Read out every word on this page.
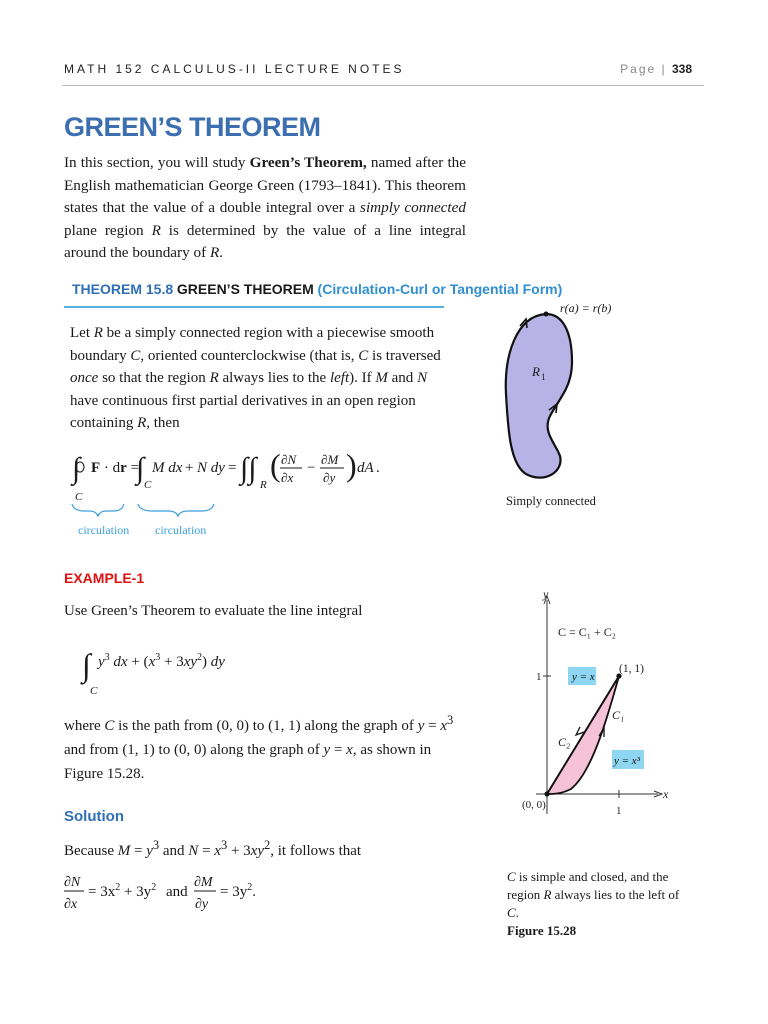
MATH 152 CALCULUS-II LECTURE NOTES	Page | 338
GREEN’S THEOREM
In this section, you will study Green’s Theorem, named after the English mathematician George Green (1793–1841). This theorem states that the value of a double integral over a simply connected plane region R is determined by the value of a line integral around the boundary of R.
THEOREM 15.8 GREEN’S THEOREM (Circulation-Curl or Tangential Form)
Let R be a simply connected region with a piecewise smooth boundary C, oriented counterclockwise (that is, C is traversed once so that the region R always lies to the left). If M and N have continuous first partial derivatives in an open region containing R, then
∫
C
F · dr =
∫ C
M dx + N dy = ∫∫ R
( ∂N
∂x
−
∂M
∂y ) dA .
circulation circulation
r(a) = r(b)
R 1
Simply connected
EXAMPLE-1
Use Green’s Theorem to evaluate the line integral
∫
C
$y^3$ dx + $(x^3 + 3xy^2)$ dy
where C is the path from (0, 0) to (1, 1) along the graph of $y = x^3$ and from (1, 1) to (0, 0) along the graph of y = x, as shown in Figure 15.28.
y
x
1
1
C = C₁ + C₂
(1, 1)
y = x
y = x³
C₁
C₂
(0, 0)
C is simple and closed, and the region R always lies to the left of C.
Figure 15.28
Solution
Because $M = y^3$ and $N = x^3 + 3xy^2$, it follows that
∂N
∂x
= $3x^2 + 3y^2$ and
∂M
∂y
= $3y^2$.
